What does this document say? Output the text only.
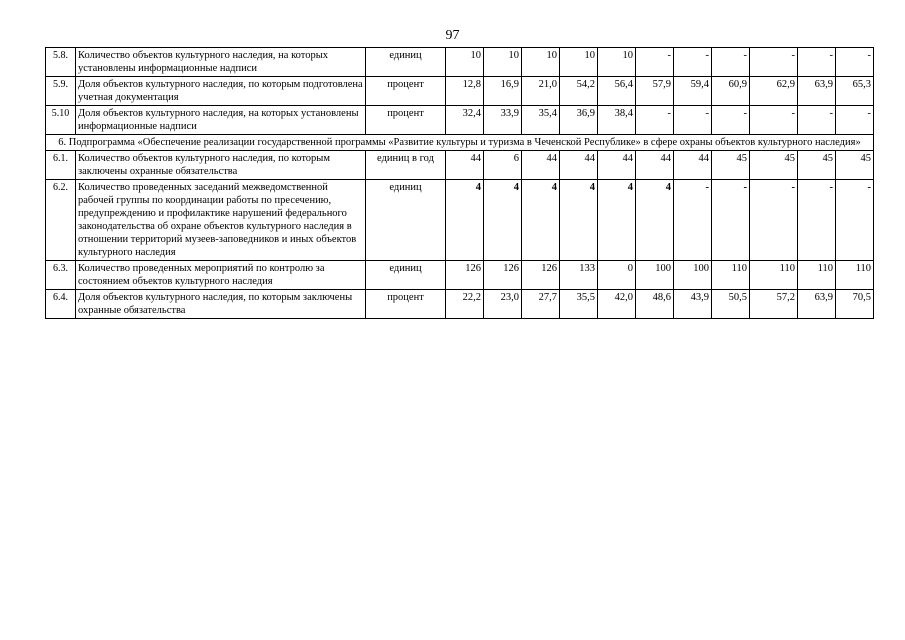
97
5.8.	Количество объектов культурного наследия, на которых установлены информационные надписи	единиц	10	10	10	10	10	-	-	-	-	-	-	
5.9.	Доля объектов культурного наследия, по которым подготовлена учетная документация	процент	12,8	16,9	21,0	54,2	56,4	57,9	59,4	60,9	62,9	63,9	65,3	
5.10	Доля объектов культурного наследия, на которых установлены информационные надписи	процент	32,4	33,9	35,4	36,9	38,4	-	-	-	-	-	-	
6. Подпрограмма «Обеспечение реализации государственной программы «Развитие культуры и туризма в Чеченской Республике» в сфере охраны объектов культурного наследия»														
6.1.	Количество объектов культурного наследия, по которым заключены охранные обязательства	единиц в год	44	6	44	44	44	44	44	45	45	45	45	
6.2.	Количество проведенных заседаний межведомственной рабочей группы по координации работы по пресечению, предупреждению и профилактике нарушений федерального законодательства об охране объектов культурного наследия в отношении территорий музеев-заповедников и иных объектов культурного наследия	единиц	4	4	4	4	4	4	-	-	-	-	-	
6.3.	Количество проведенных мероприятий по контролю за состоянием объектов культурного наследия	единиц	126	126	126	133	0	100	100	110	110	110	110	
6.4.	Доля объектов культурного наследия, по которым заключены охранные обязательства	процент	22,2	23,0	27,7	35,5	42,0	48,6	43,9	50,5	57,2	63,9	70,5	
